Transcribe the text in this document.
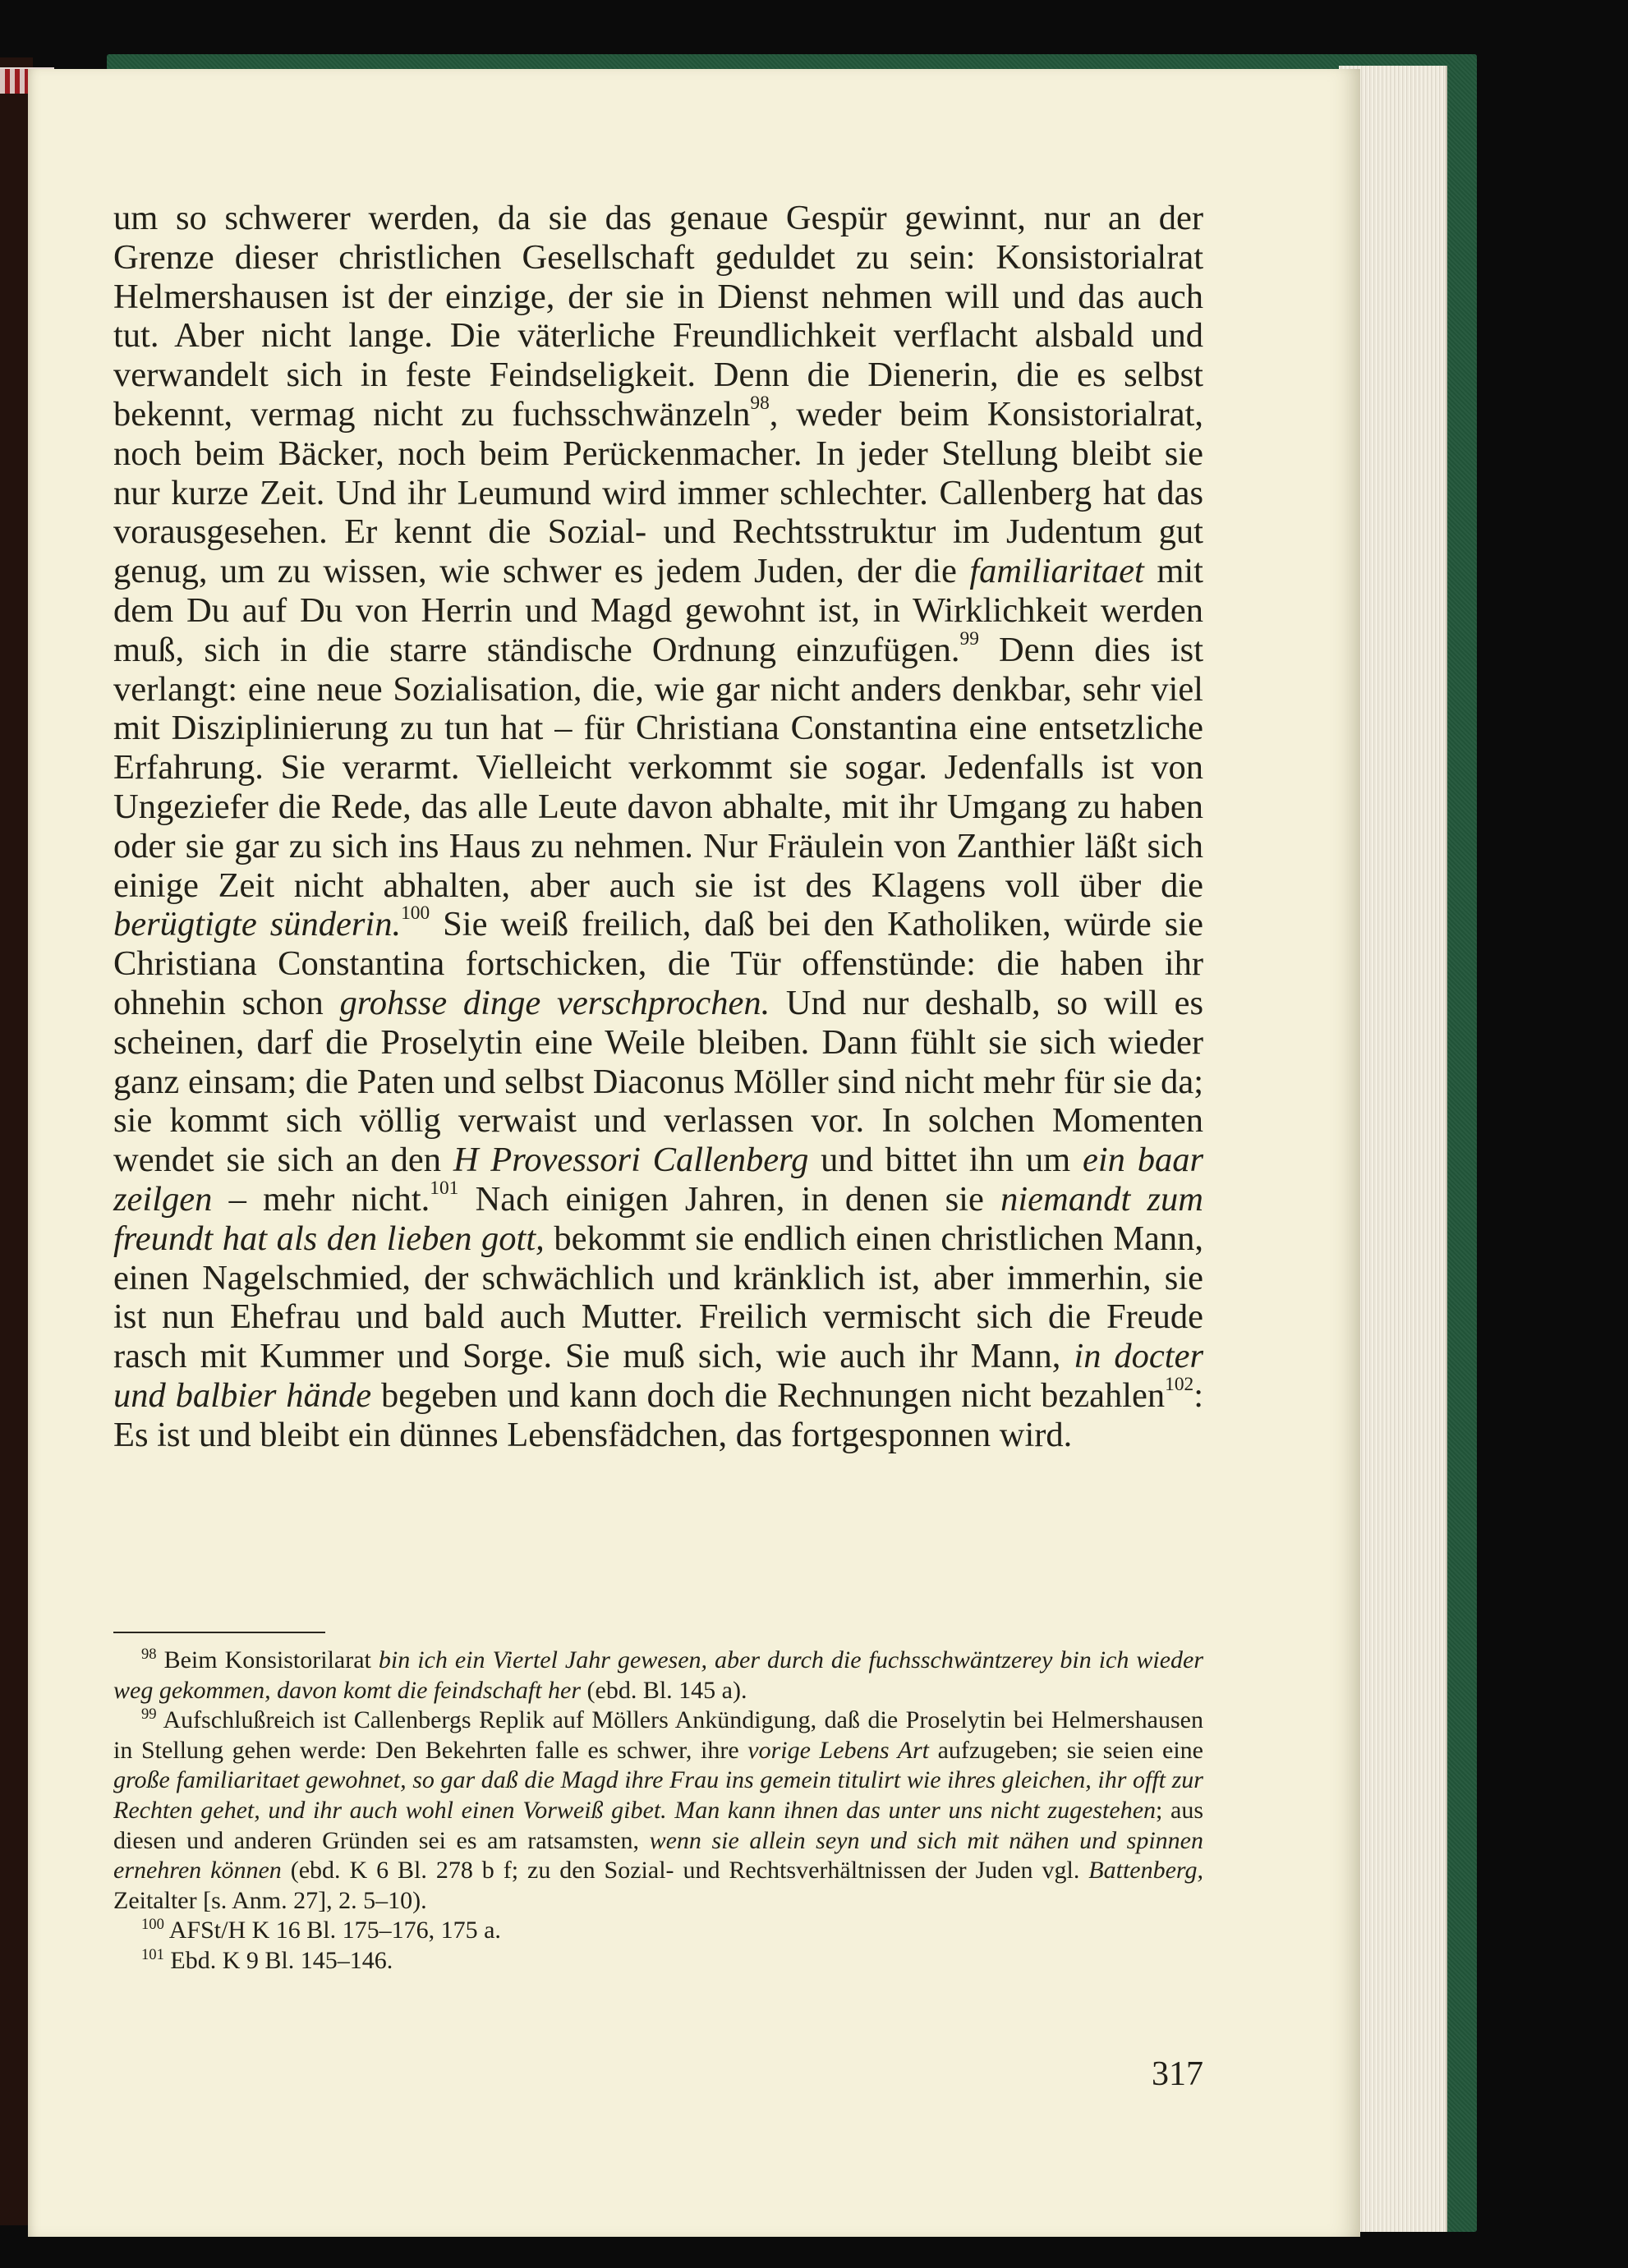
um so schwerer werden, da sie das genaue Gespür gewinnt, nur an der Grenze dieser christlichen Gesellschaft geduldet zu sein: Konsistorialrat Helmershausen ist der einzige, der sie in Dienst nehmen will und das auch tut. Aber nicht lange. Die väterliche Freundlichkeit verflacht alsbald und verwandelt sich in feste Feindseligkeit. Denn die Dienerin, die es selbst bekennt, vermag nicht zu fuchsschwänzeln$^{98}$, weder beim Konsistorialrat, noch beim Bäcker, noch beim Perückenmacher. In jeder Stellung bleibt sie nur kurze Zeit. Und ihr Leumund wird immer schlechter. Callenberg hat das vorausgesehen. Er kennt die Sozial- und Rechtsstruktur im Judentum gut genug, um zu wissen, wie schwer es jedem Juden, der die familiaritaet mit dem Du auf Du von Herrin und Magd gewohnt ist, in Wirklichkeit werden muß, sich in die starre ständische Ordnung einzufügen.$^{99}$ Denn dies ist verlangt: eine neue Sozialisation, die, wie gar nicht anders denkbar, sehr viel mit Disziplinierung zu tun hat – für Christiana Constantina eine entsetzliche Erfahrung. Sie verarmt. Vielleicht verkommt sie sogar. Jedenfalls ist von Ungeziefer die Rede, das alle Leute davon abhalte, mit ihr Umgang zu haben oder sie gar zu sich ins Haus zu nehmen. Nur Fräulein von Zanthier läßt sich einige Zeit nicht abhalten, aber auch sie ist des Klagens voll über die berügtigte sünderin.$^{100}$ Sie weiß freilich, daß bei den Katholiken, würde sie Christiana Constantina fortschicken, die Tür offenstünde: die haben ihr ohnehin schon grohsse dinge verschprochen. Und nur deshalb, so will es scheinen, darf die Proselytin eine Weile bleiben. Dann fühlt sie sich wieder ganz einsam; die Paten und selbst Diaconus Möller sind nicht mehr für sie da; sie kommt sich völlig verwaist und verlassen vor. In solchen Momenten wendet sie sich an den H Provessori Callenberg und bittet ihn um ein baar zeilgen – mehr nicht.$^{101}$ Nach einigen Jahren, in denen sie niemandt zum freundt hat als den lieben gott, bekommt sie endlich einen christlichen Mann, einen Nagelschmied, der schwächlich und kränklich ist, aber immerhin, sie ist nun Ehefrau und bald auch Mutter. Freilich vermischt sich die Freude rasch mit Kummer und Sorge. Sie muß sich, wie auch ihr Mann, in docter und balbier hände begeben und kann doch die Rechnungen nicht bezahlen$^{102}$: Es ist und bleibt ein dünnes Lebensfädchen, das fortgesponnen wird.

$^{98}$ Beim Konsistorilarat bin ich ein Viertel Jahr gewesen, aber durch die fuchsschwäntzerey bin ich wieder weg gekommen, davon komt die feindschaft her (ebd. Bl. 145 a).

$^{99}$ Aufschlußreich ist Callenbergs Replik auf Möllers Ankündigung, daß die Proselytin bei Helmershausen in Stellung gehen werde: Den Bekehrten falle es schwer, ihre vorige Lebens Art aufzugeben; sie seien eine große familiaritaet gewohnet, so gar daß die Magd ihre Frau ins gemein titulirt wie ihres gleichen, ihr offt zur Rechten gehet, und ihr auch wohl einen Vorweiß gibet. Man kann ihnen das unter uns nicht zugestehen; aus diesen und anderen Gründen sei es am ratsamsten, wenn sie allein seyn und sich mit nähen und spinnen ernehren können (ebd. K 6 Bl. 278 b f; zu den Sozial- und Rechtsverhältnissen der Juden vgl. Battenberg, Zeitalter [s. Anm. 27], 2. 5–10).

$^{100}$ AFSt/H K 16 Bl. 175–176, 175 a.

$^{101}$ Ebd. K 9 Bl. 145–146.

317
